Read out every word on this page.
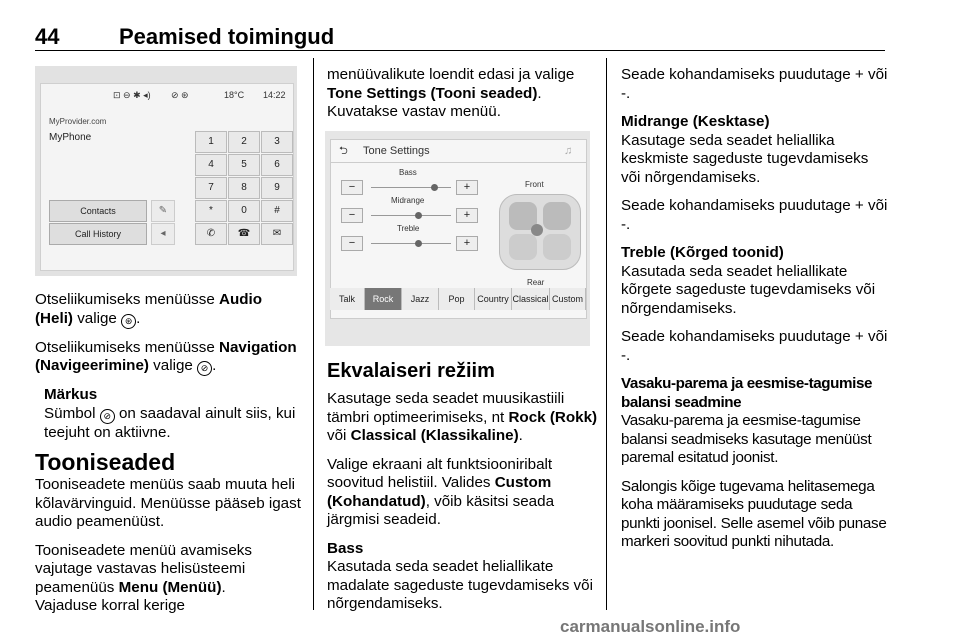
44	Peamised toimingud
⊡ ⊖ ✱ ◂) ⊘ ⊛	18°C 14:22
MyProvider.com
MyPhone	1	2	3
4	5	6
7	8	9
*	0	#
✆	☎	✉
Contacts
Call History
✎
◂

Otseliikumiseks menüüsse Audio (Heli) valige ⊛ .

Otseliikumiseks menüüsse Navigation (Navigeerimine) valige ⊘ .

Märkus
Sümbol ⊘ on saadaval ainult siis, kui teejuht on aktiivne.
Tooniseaded

Tooniseadete menüüs saab muuta heli kõlavärvinguid. Menüüsse pääseb igast audio peamenüüst.

Tooniseadete menüü avamiseks vajutage vastavas helisüsteemi peamenüüs Menu (Menüü).

Vajaduse korral kerige

menüüvalikute loendit edasi ja valige Tone Settings (Tooni seaded).

Kuvatakse vastav menüü.

⮌ Tone Settings	♫
Bass
−	+
Midrange
−	+
Treble
−	+
Front
Rear
Talk	Rock	Jazz	Pop	Country Classical Custom
Ekvalaiseri režiim

Kasutage seda seadet muusikastiili tämbri optimeerimiseks, nt Rock (Rokk) või Classical (Klassikaline).

Valige ekraani alt funktsiooniribalt soovitud helistiil. Valides Custom (Kohandatud), võib käsitsi seada järgmisi seadeid.

Bass

Kasutada seda seadet heliallikate madalate sageduste tugevdamiseks või nõrgendamiseks.

Seade kohandamiseks puudutage + või -.

Midrange (Kesktase)

Kasutage seda seadet heliallika keskmiste sageduste tugevdamiseks või nõrgendamiseks.

Seade kohandamiseks puudutage + või -.

Treble (Kõrged toonid)

Kasutada seda seadet heliallikate kõrgete sageduste tugevdamiseks või nõrgendamiseks.

Seade kohandamiseks puudutage + või -.

Vasaku-parema ja eesmise-tagumise balansi seadmine

Vasaku-parema ja eesmise-tagumise balansi seadmiseks kasutage menüüst paremal esitatud joonist.

Salongis kõige tugevama helitasemega koha määramiseks puudutage seda punkti joonisel. Selle asemel võib punase markeri soovitud punkti nihutada.

carmanualsonline.info
